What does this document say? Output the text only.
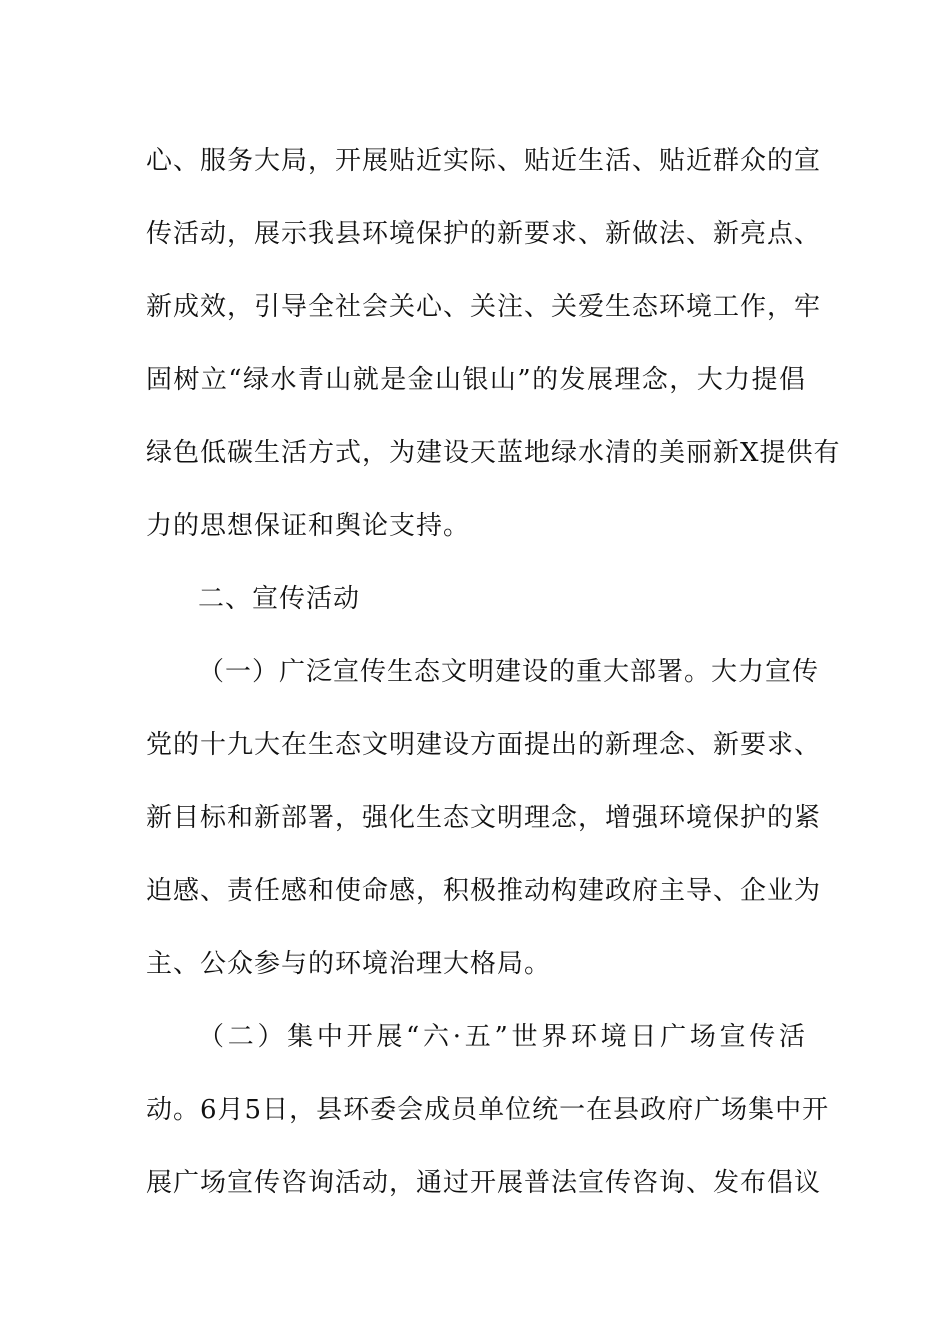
心、服务大局，开展贴近实际、贴近生活、贴近群众的宣
传活动，展示我县环境保护的新要求、新做法、新亮点、
新成效，引导全社会关心、关注、关爱生态环境工作，牢
固树立“绿水青山就是金山银山”的发展理念，大力提倡
绿色低碳生活方式，为建设天蓝地绿水清的美丽新X提供有
力的思想保证和舆论支持。
二、宣传活动
（一）广泛宣传生态文明建设的重大部署。大力宣传
党的十九大在生态文明建设方面提出的新理念、新要求、
新目标和新部署，强化生态文明理念，增强环境保护的紧
迫感、责任感和使命感，积极推动构建政府主导、企业为
主、公众参与的环境治理大格局。
（二）集中开展“六·五”世界环境日广场宣传活
动。6月5日，县环委会成员单位统一在县政府广场集中开
展广场宣传咨询活动，通过开展普法宣传咨询、发布倡议
